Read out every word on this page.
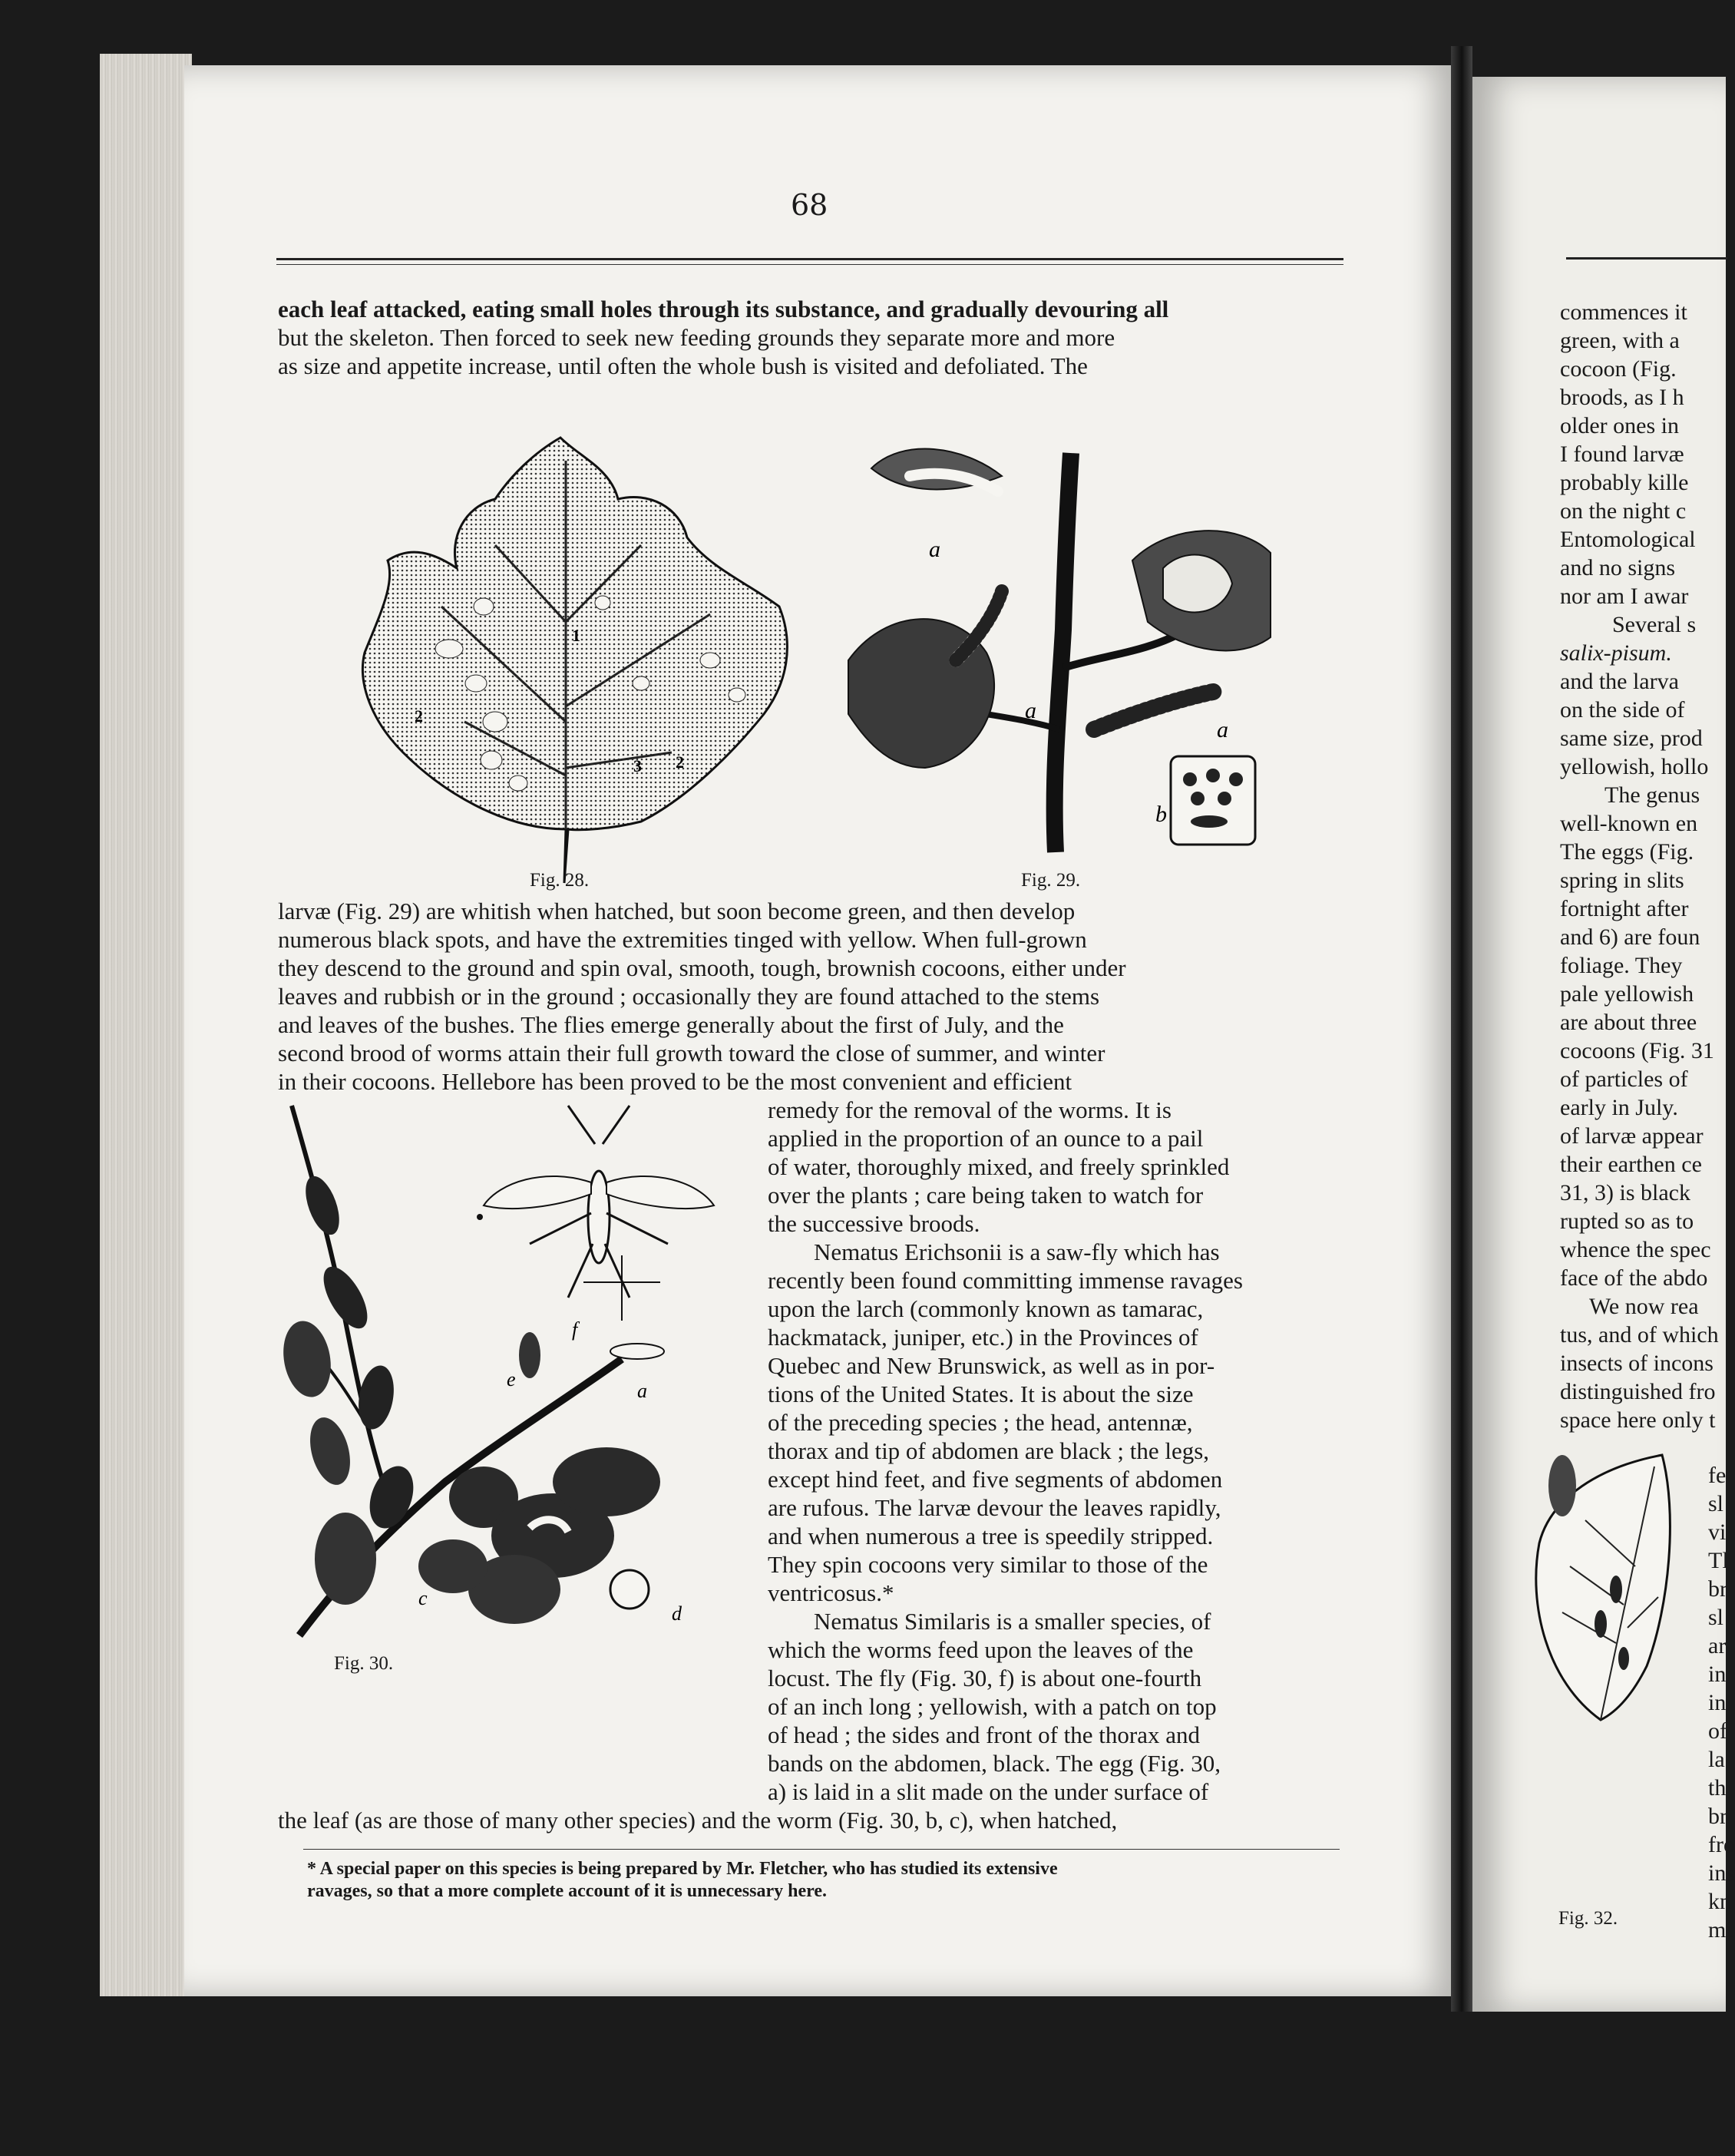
68
each leaf attacked, eating small holes through its substance, and gradually devouring all
but the skeleton. Then forced to seek new feeding grounds they separate more and more
as size and appetite increase, until often the whole bush is visited and defoliated. The
1
2
2
3
Fig. 28.
a
a
a
b
Fig. 29.
larvæ (Fig. 29) are whitish when hatched, but soon become green, and then develop
numerous black spots, and have the extremities tinged with yellow. When full-grown
they descend to the ground and spin oval, smooth, tough, brownish cocoons, either under
leaves and rubbish or in the ground ; occasionally they are found attached to the stems
and leaves of the bushes. The flies emerge generally about the first of July, and the
second brood of worms attain their full growth toward the close of summer, and winter
in their cocoons. Hellebore has been proved to be the most convenient and efficient
f
a
e
d
c
Fig. 30.
remedy for the removal of the worms. It is
applied in the proportion of an ounce to a pail
of water, thoroughly mixed, and freely sprinkled
over the plants ; care being taken to watch for
the successive broods.
Nematus Erichsonii is a saw-fly which has
recently been found committing immense ravages
upon the larch (commonly known as tamarac,
hackmatack, juniper, etc.) in the Provinces of
Quebec and New Brunswick, as well as in por-
tions of the United States. It is about the size
of the preceding species ; the head, antennæ,
thorax and tip of abdomen are black ; the legs,
except hind feet, and five segments of abdomen
are rufous. The larvæ devour the leaves rapidly,
and when numerous a tree is speedily stripped.
They spin cocoons very similar to those of the
ventricosus.*
Nematus Similaris is a smaller species, of
which the worms feed upon the leaves of the
locust. The fly (Fig. 30, f) is about one-fourth
of an inch long ; yellowish, with a patch on top
of head ; the sides and front of the thorax and
bands on the abdomen, black. The egg (Fig. 30,
a) is laid in a slit made on the under surface of
the leaf (as are those of many other species) and the worm (Fig. 30, b, c), when hatched,
* A special paper on this species is being prepared by Mr. Fletcher, who has studied its extensive
ravages, so that a more complete account of it is unnecessary here.
commences it
green, with a
cocoon (Fig.
broods, as I h
older ones in
I found larvæ
probably kille
on the night c
Entomological
and no signs
nor am I awar
Several s
salix-pisum.
and the larva
on the side of
same size, prod
yellowish, hollo
The genus
well-known en
The eggs (Fig.
spring in slits
fortnight after
and 6) are foun
foliage. They
pale yellowish
are about three
cocoons (Fig. 31
of particles of
early in July.
of larvæ appear
their earthen ce
31, 3) is black
rupted so as to
whence the spec
face of the abdo
We now rea
tus, and of which
insects of incons
distinguished fro
space here only t
Fig. 32.
fe
sl
vi
Tl
br
sl
ar
in
in
of
la
th
br
fro
ins
kn
mi
